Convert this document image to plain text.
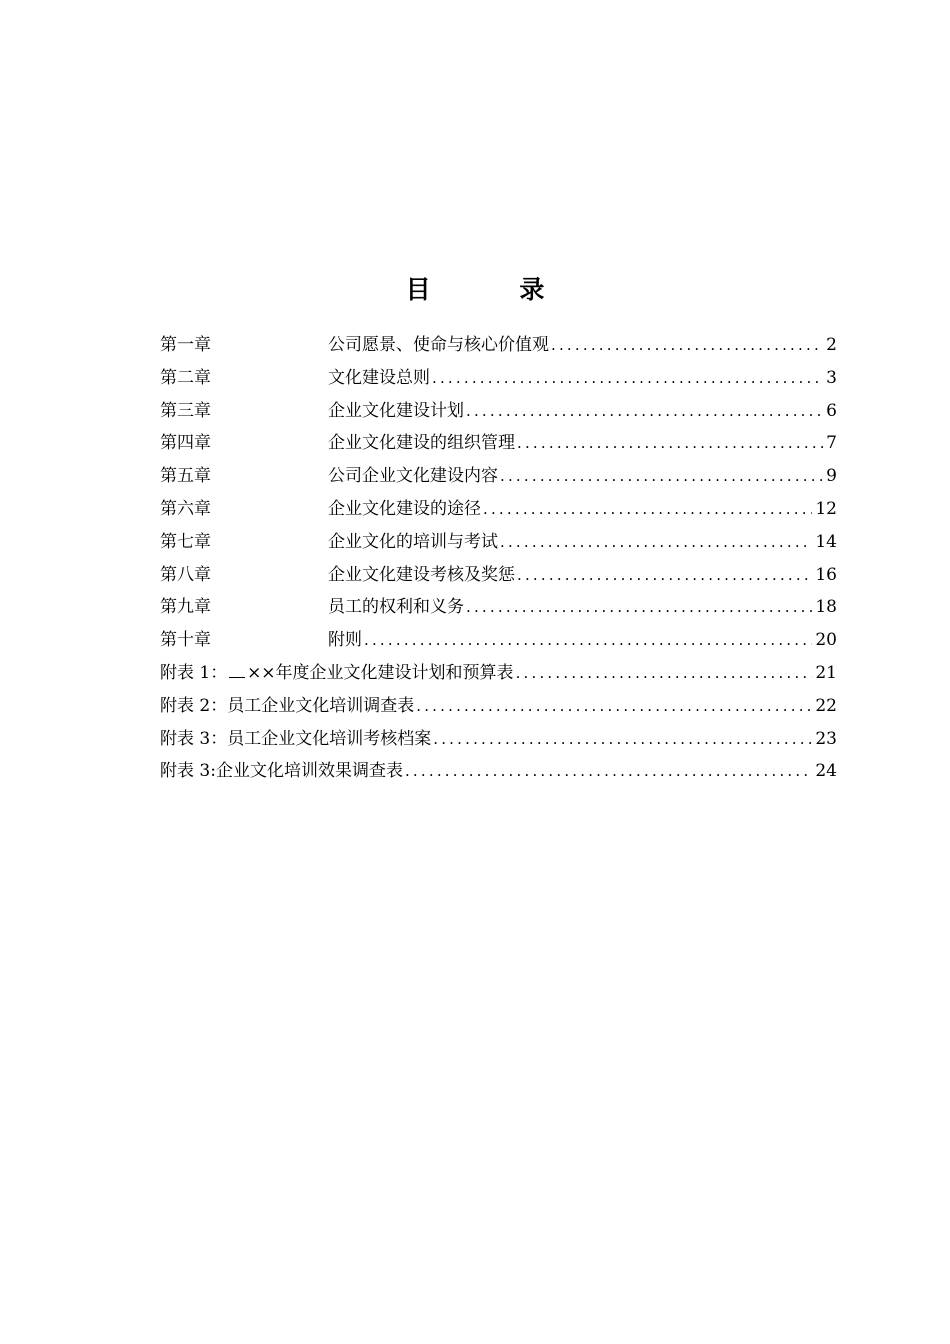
目 录
第一章	公司愿景、使命与核心价值观 .....	2
第二章	文化建设总则 .....	3
第三章	企业文化建设计划 .....	6
第四章	企业文化建设的组织管理 .....	7
第五章	公司企业文化建设内容 .....	9
第六章	企业文化建设的途径 .....	12
第七章	企业文化的培训与考试 .....	14
第八章	企业文化建设考核及奖惩 .....	16
第九章	员工的权利和义务 .....	18
第十章	附则 .....	20
附表 1： ××年度企业文化建设计划和预算表 .....	21
附表 2： 员工企业文化培训调查表 .....	22
附表 3： 员工企业文化培训考核档案 .....	23
附表 3: 企业文化培训效果调查表 .....	24
